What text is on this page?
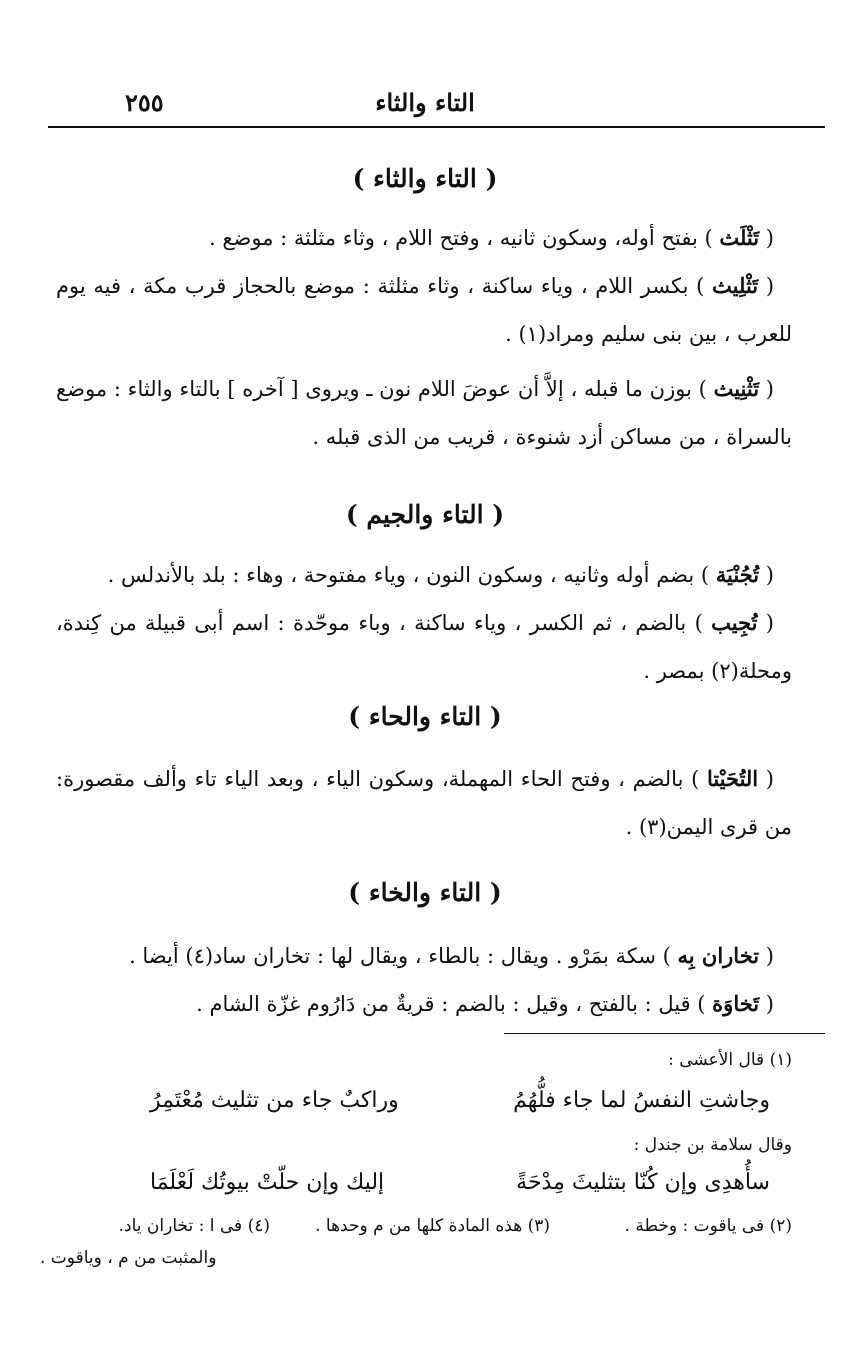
التاء والثاء
٢٥٥
( التاء والثاء )
( تَثْلَث ) بفتح أوله، وسكون ثانيه ، وفتح اللام ، وثاء مثلثة : موضع .
( تَثْلِيث ) بكسر اللام ، وياء ساكنة ، وثاء مثلثة : موضع بالحجاز قرب مكة ، فيه يوم للعرب ، بين بنى سليم ومراد(١) .
( تَثْنِيث ) بوزن ما قبله ، إلاَّ أن عوضَ اللام نون ـ ويروى [ آخره ] بالتاء والثاء : موضع بالسراة ، من مساكن أزد شنوءة ، قريب من الذى قبله .
( التاء والجيم )
( تُجُنْيَة ) بضم أوله وثانيه ، وسكون النون ، وياء مفتوحة ، وهاء : بلد بالأندلس .
( تُجِيب ) بالضم ، ثم الكسر ، وياء ساكنة ، وباء موحّدة : اسم أبى قبيلة من كِندة، ومحلة(٢) بمصر .
( التاء والحاء )
( التُحَيْتا ) بالضم ، وفتح الحاء المهملة، وسكون الياء ، وبعد الياء تاء وألف مقصورة: من قرى اليمن(٣) .
( التاء والخاء )
( تخاران بِه ) سكة بمَرْو . ويقال : بالطاء ، ويقال لها : تخاران ساد(٤) أيضا .
( تَخاوَة ) قيل : بالفتح ، وقيل : بالضم : قريةٌ من دَارُوم غزّة الشام .
(١) قال الأعشى :
وجاشتِ النفسُ لما جاء فلُّهُمُ
وراكبٌ جاء من تثليث مُعْتَمِرُ
وقال سلامة بن جندل :
سأُهدِى وإن كُنّا بتثليثَ مِدْحَةً
إليك وإن حلّتْ بيوتُك لَعْلَمَا
(٢) فى ياقوت : وخطة .
(٣) هذه المادة كلها من م وحدها .
(٤) فى ا : تخاران ياد.
والمثبت من م ، وياقوت .
